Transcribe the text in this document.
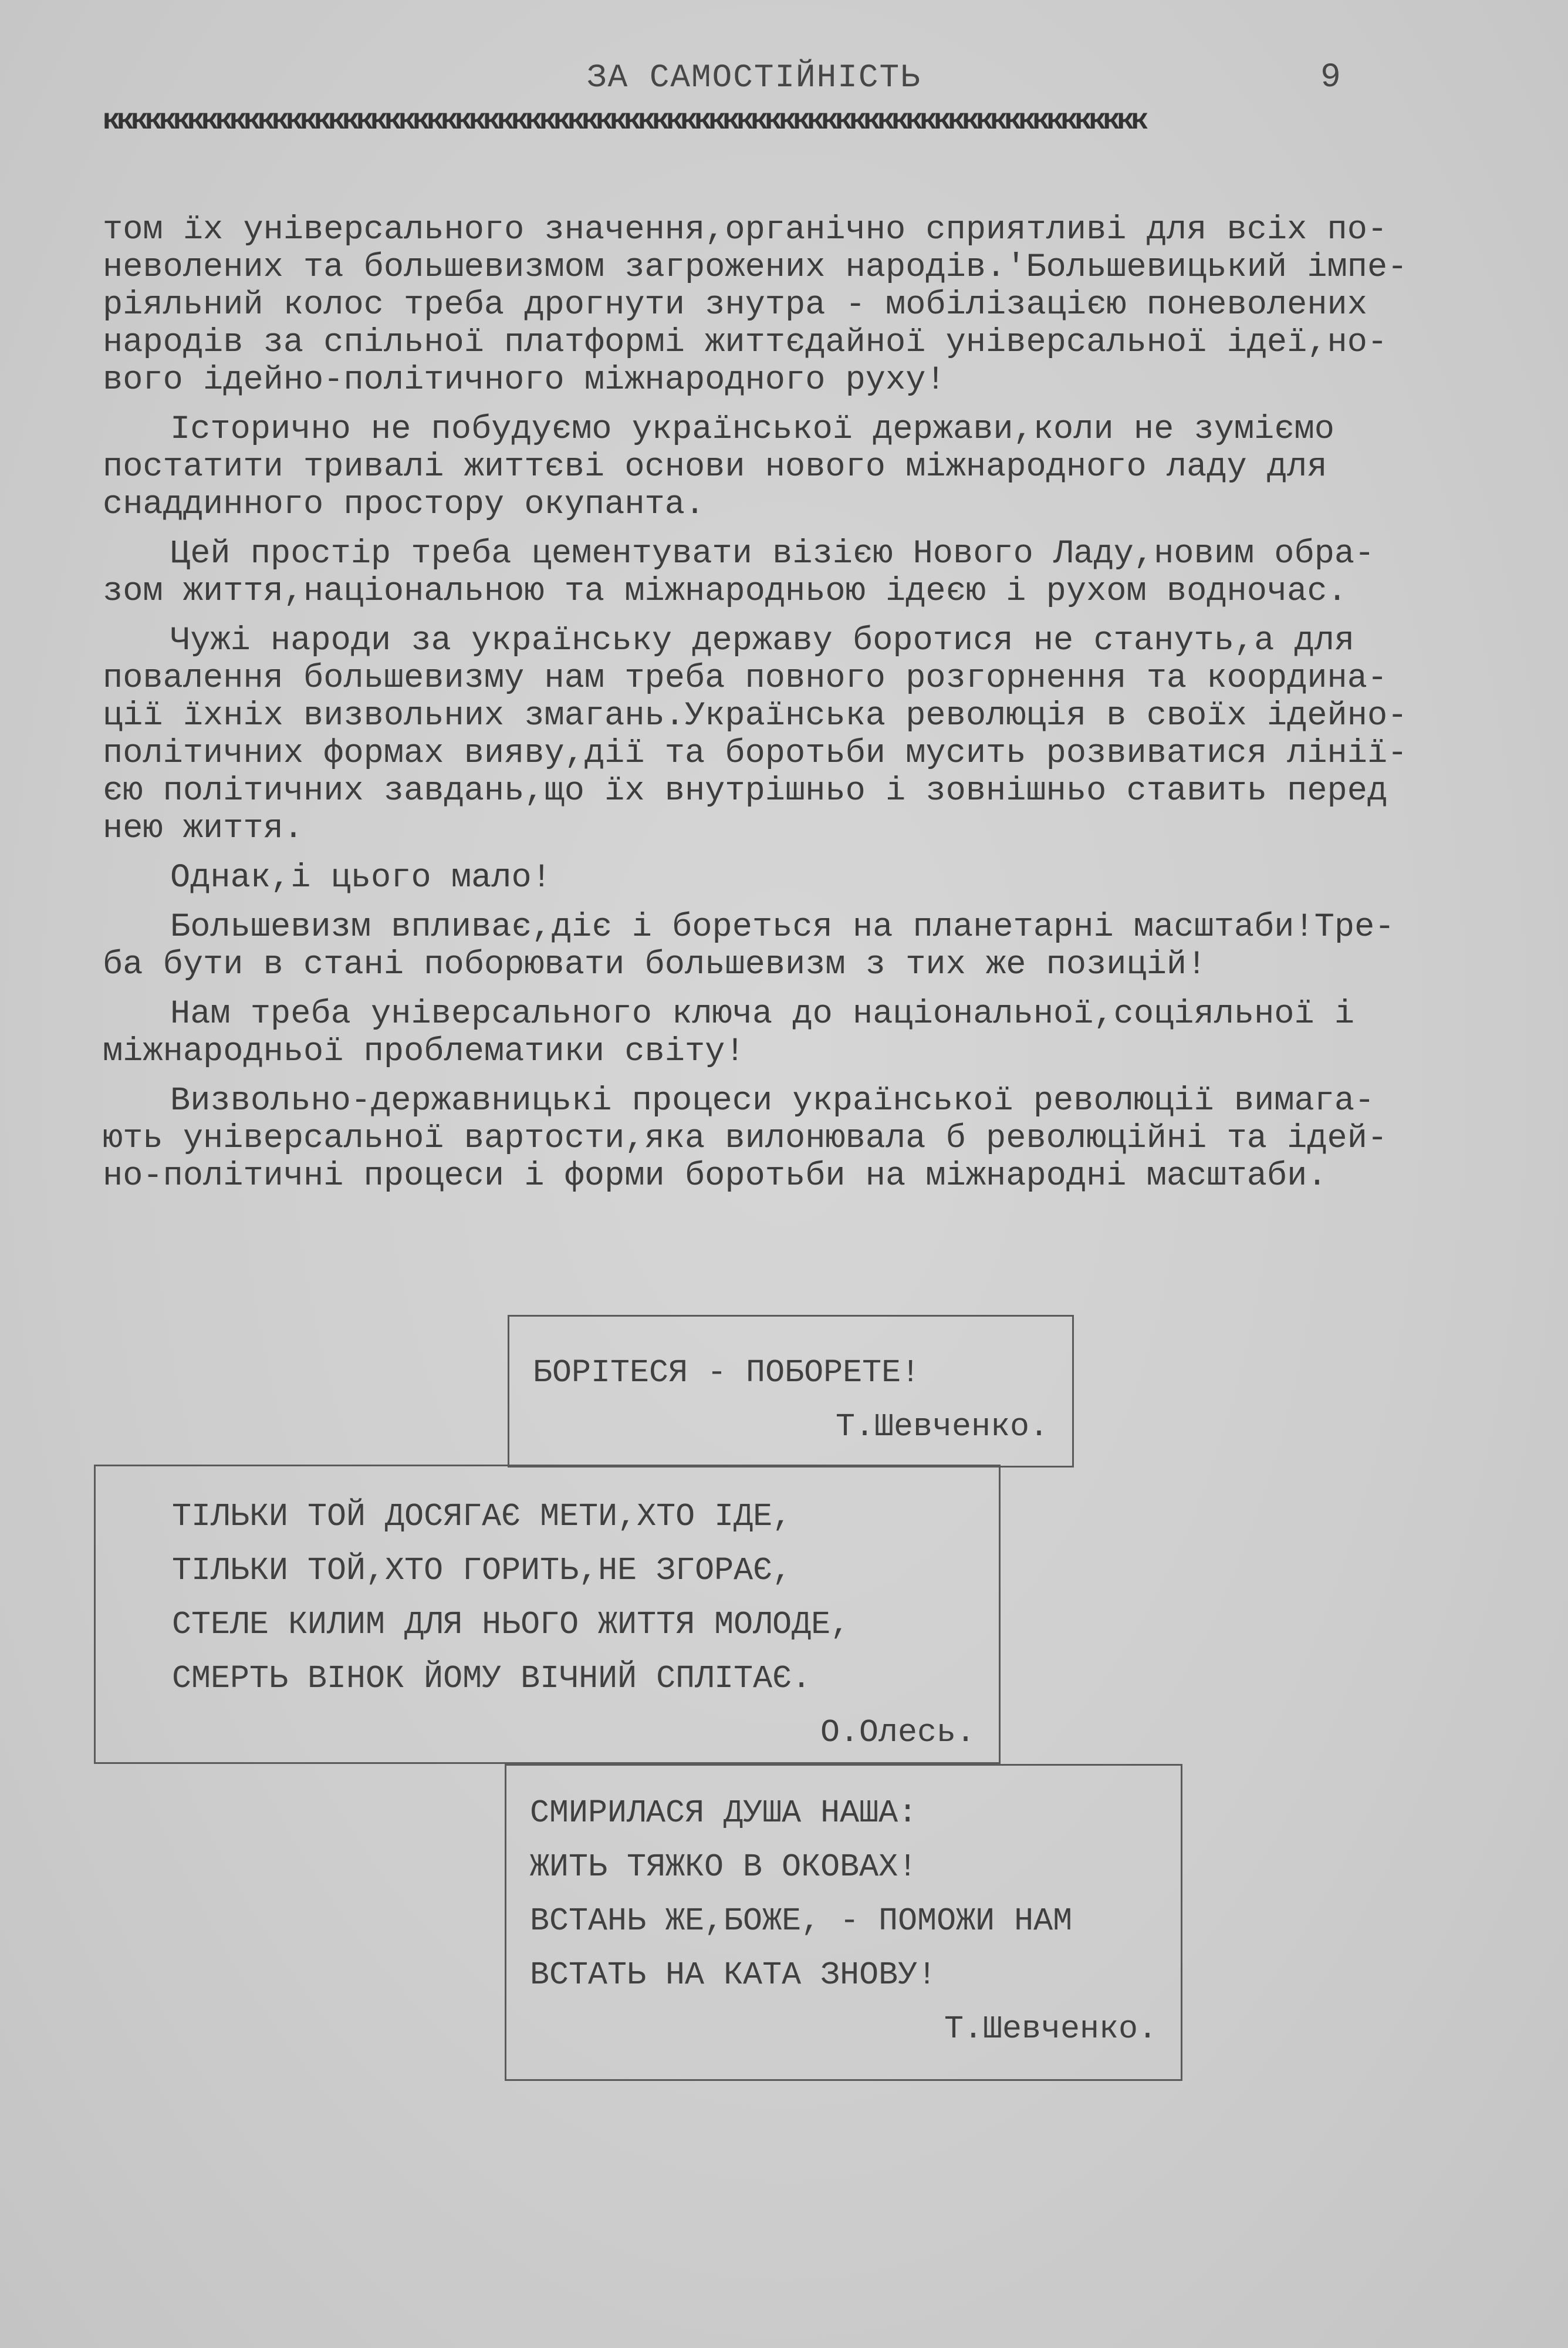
ЗА САМОСТІЙНІСТЬ	9
кккккккккккккккккккккккккккккккккккккккккккккккккккккккккккккккккккккккккк

том їх універсального значення,органічно сприятливі для всіх по-
неволених та большевизмом загрожених народів.'Большевицький імпе-
ріяльний колос треба дрогнути знутра - мобілізацією поневолених
народів за спільної платформі життєдайної універсальної ідеї,но-
вого ідейно-політичного міжнародного руху!

Історично не побудуємо української держави,коли не зуміємо
постатити тривалі життєві основи нового міжнародного ладу для
снаддинного простору окупанта.

Цей простір треба цементувати візією Нового Ладу,новим обра-
зом життя,національною та міжнародньою ідеєю і рухом водночас.

Чужі народи за українську державу боротися не стануть,а для
повалення большевизму нам треба повного розгорнення та координа-
ції їхніх визвольних змагань.Українська революція в своїх ідейно-
політичних формах вияву,дії та боротьби мусить розвиватися лінії-
єю політичних завдань,що їх внутрішньо і зовнішньо ставить перед
нею життя.

Однак,і цього мало!

Большевизм впливає,діє і бореться на планетарні масштаби!Тре-
ба бути в стані поборювати большевизм з тих же позицій!

Нам треба універсального ключа до національної,соціяльної і
міжнародньої проблематики світу!

Визвольно-державницькі процеси української революції вимага-
ють універсальної вартости,яка вилонювала б революційні та ідей-
но-політичні процеси і форми боротьби на міжнародні масштаби.

БОРІТЕСЯ - ПОБОРЕТЕ!
Т.Шевченко.
ТІЛЬКИ ТОЙ ДОСЯГАЄ МЕТИ,ХТО ІДЕ,
ТІЛЬКИ ТОЙ,ХТО ГОРИТЬ,НЕ ЗГОРАЄ,
СТЕЛЕ КИЛИМ ДЛЯ НЬОГО ЖИТТЯ МОЛОДЕ,
СМЕРТЬ ВІНОК ЙОМУ ВІЧНИЙ СПЛІТАЄ.
О.Олесь.
СМИРИЛАСЯ ДУША НАША:
ЖИТЬ ТЯЖКО В ОКОВАХ!
ВСТАНЬ ЖЕ,БОЖЕ, - ПОМОЖИ НАМ
ВСТАТЬ НА КАТА ЗНОВУ!
Т.Шевченко.
